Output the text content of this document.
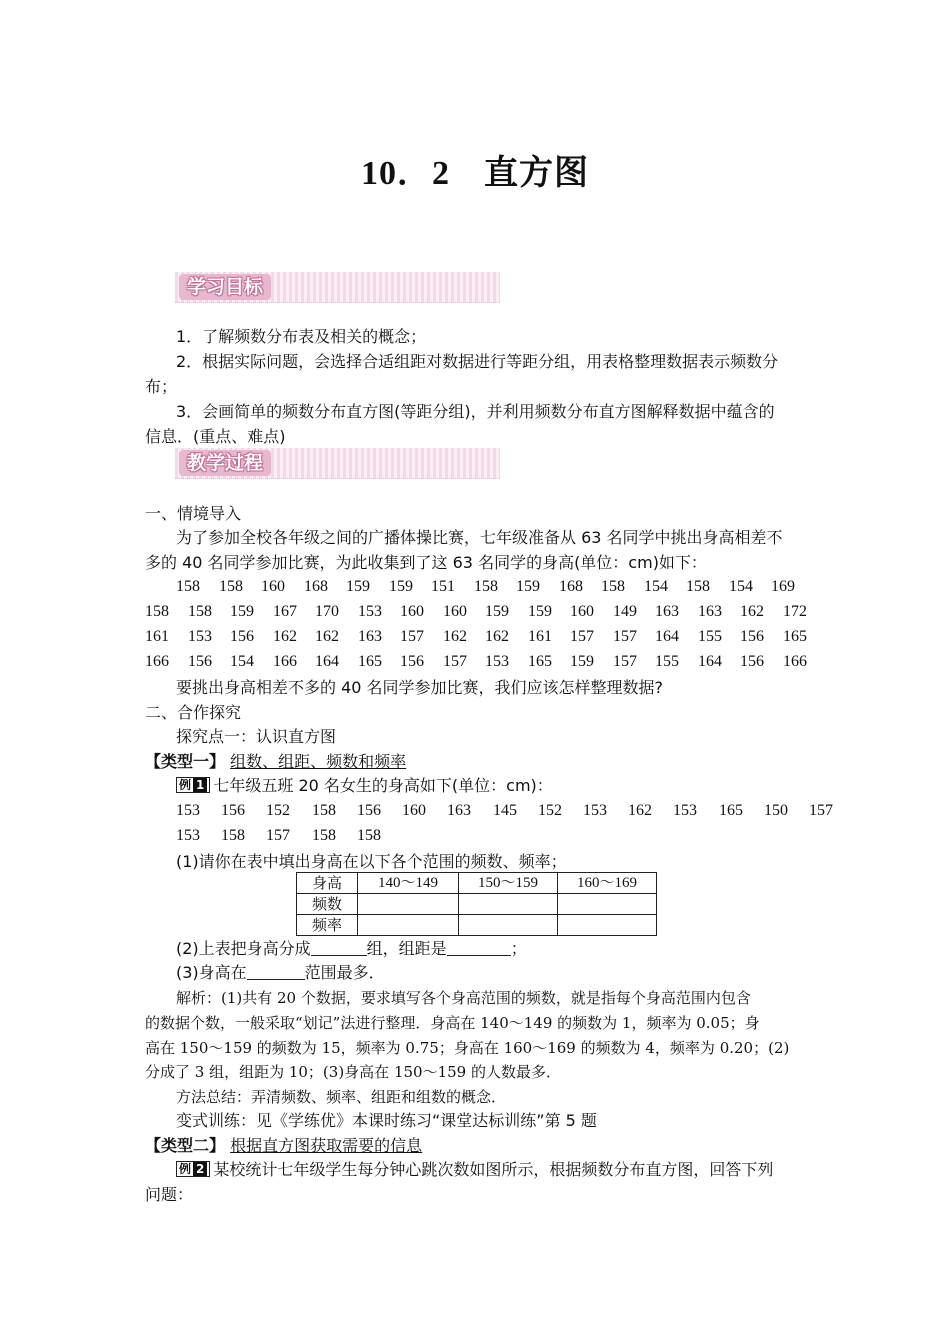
10．2 直方图
学习目标
1．了解频数分布表及相关的概念；
2．根据实际问题，会选择合适组距对数据进行等距分组，用表格整理数据表示频数分
布；
3．会画简单的频数分布直方图(等距分组)，并利用频数分布直方图解释数据中蕴含的
信息．(重点、难点)
教学过程
一、情境导入
为了参加全校各年级之间的广播体操比赛，七年级准备从 63 名同学中挑出身高相差不
多的 40 名同学参加比赛，为此收集到了这 63 名同学的身高(单位：cm)如下：
158 158 160 168 159 159 151 158 159 168 158 154 158 154 169
158 158 159 167 170 153 160 160 159 159 160 149 163 163 162 172
161 153 156 162 162 163 157 162 162 161 157 157 164 155 156 165
166 156 154 166 164 165 156 157 153 165 159 157 155 164 156 166
要挑出身高相差不多的 40 名同学参加比赛，我们应该怎样整理数据?
二、合作探究
探究点一：认识直方图
【类型一】 组数、组距、频数和频率
例 1 七年级五班 20 名女生的身高如下(单位：cm)：
153 156 152 158 156 160 163 145 152 153 162 153 165 150 157
153 158 157 158 158
(1)请你在表中填出身高在以下各个范围的频数、频率；
身高	140～149	150～159	160～169
频数			
频率			
(2)上表把身高分成	组，组距是	；
(3)身高在	范围最多．
解析：(1)共有 20 个数据，要求填写各个身高范围的频数，就是指每个身高范围内包含
的数据个数，一般采取“划记”法进行整理．身高在 140～149 的频数为 1，频率为 0.05；身
高在 150～159 的频数为 15，频率为 0.75；身高在 160～169 的频数为 4，频率为 0.20；(2)
分成了 3 组，组距为 10；(3)身高在 150～159 的人数最多．
方法总结：弄清频数、频率、组距和组数的概念．
变式训练：见《学练优》本课时练习“课堂达标训练”第 5 题
【类型二】 根据直方图获取需要的信息
例 2 某校统计七年级学生每分钟心跳次数如图所示，根据频数分布直方图，回答下列
问题：
